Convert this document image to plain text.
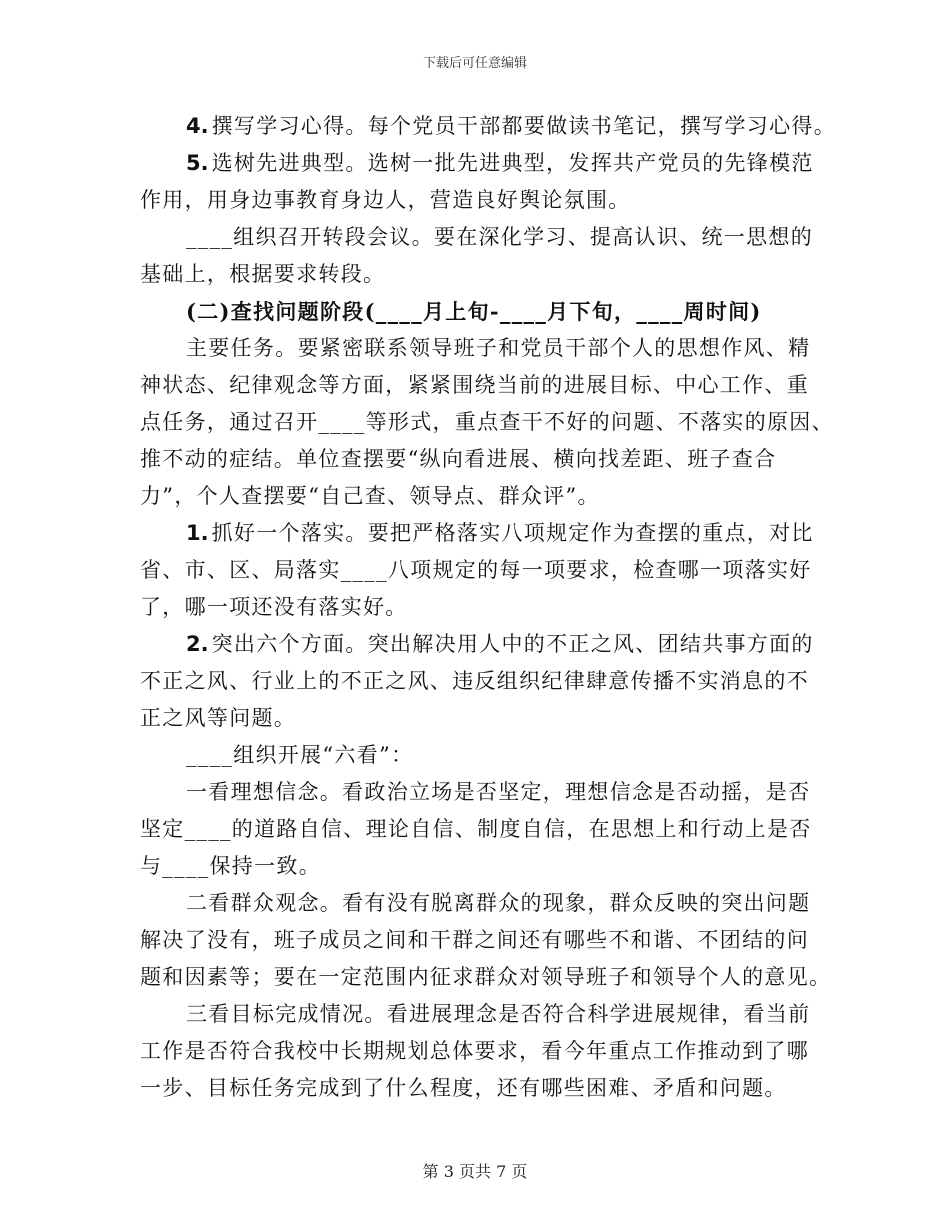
下载后可任意编辑
4. 撰写学习心得。每个党员干部都要做读书笔记，撰写学习心得。
5. 选树先进典型。选树一批先进典型，发挥共产党员的先锋模范
作用，用身边事教育身边人，营造良好舆论氛围。
____组织召开转段会议。要在深化学习、提高认识、统一思想的
基础上，根据要求转段。
(二)查找问题阶段(____月上旬-____月下旬，____周时间)
主要任务。要紧密联系领导班子和党员干部个人的思想作风、精
神状态、纪律观念等方面，紧紧围绕当前的进展目标、中心工作、重
点任务，通过召开____等形式，重点查干不好的问题、不落实的原因、
推不动的症结。单位查摆要“纵向看进展、横向找差距、班子查合
力”，个人查摆要“自己查、领导点、群众评”。
1. 抓好一个落实。要把严格落实八项规定作为查摆的重点，对比
省、市、区、局落实____八项规定的每一项要求，检查哪一项落实好
了，哪一项还没有落实好。
2. 突出六个方面。突出解决用人中的不正之风、团结共事方面的
不正之风、行业上的不正之风、违反组织纪律肆意传播不实消息的不
正之风等问题。
____组织开展“六看”：
一看理想信念。看政治立场是否坚定，理想信念是否动摇，是否
坚定____的道路自信、理论自信、制度自信，在思想上和行动上是否
与____保持一致。
二看群众观念。看有没有脱离群众的现象，群众反映的突出问题
解决了没有，班子成员之间和干群之间还有哪些不和谐、不团结的问
题和因素等；要在一定范围内征求群众对领导班子和领导个人的意见。
三看目标完成情况。看进展理念是否符合科学进展规律，看当前
工作是否符合我校中长期规划总体要求，看今年重点工作推动到了哪
一步、目标任务完成到了什么程度，还有哪些困难、矛盾和问题。
第 3 页共 7 页
